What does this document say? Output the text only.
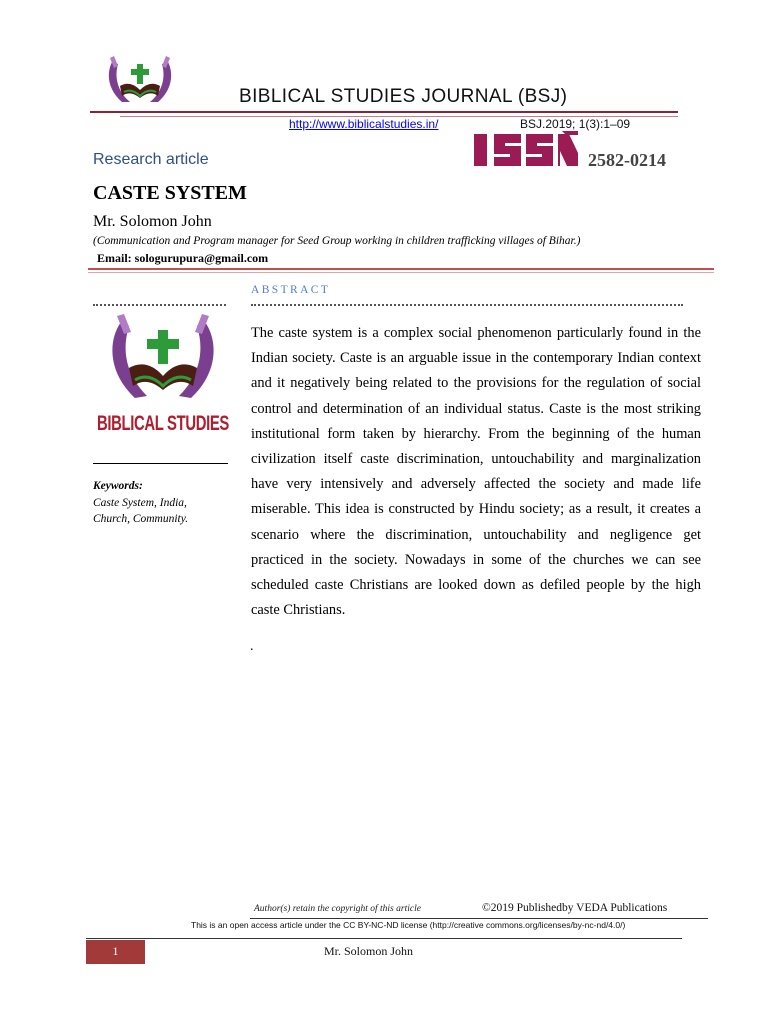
BIBLICAL STUDIES JOURNAL (BSJ)
http://www.biblicalstudies.in/	BSJ.2019; 1(3):1–09
Research article	2582-0214
CASTE SYSTEM
Mr. Solomon John
(Communication and Program manager for Seed Group working in children trafficking villages of Bihar.)
Email: sologurupura@gmail.com
BIBLICAL STUDIES
Keywords:
Caste System, India, Church, Community.
ABSTRACT
The caste system is a complex social phenomenon particularly found in the Indian society. Caste is an arguable issue in the contemporary Indian context and it negatively being related to the provisions for the regulation of social control and determination of an individual status. Caste is the most striking institutional form taken by hierarchy. From the beginning of the human civilization itself caste discrimination, untouchability and marginalization have very intensively and adversely affected the society and made life miserable. This idea is constructed by Hindu society; as a result, it creates a scenario where the discrimination, untouchability and negligence get practiced in the society. Nowadays in some of the churches we can see scheduled caste Christians are looked down as defiled people by the high caste Christians.
.
Author(s) retain the copyright of this article	©2019 Publishedby VEDA Publications
This is an open access article under the CC BY-NC-ND license (http://creative commons.org/licenses/by-nc-nd/4.0/)
1	Mr. Solomon John
